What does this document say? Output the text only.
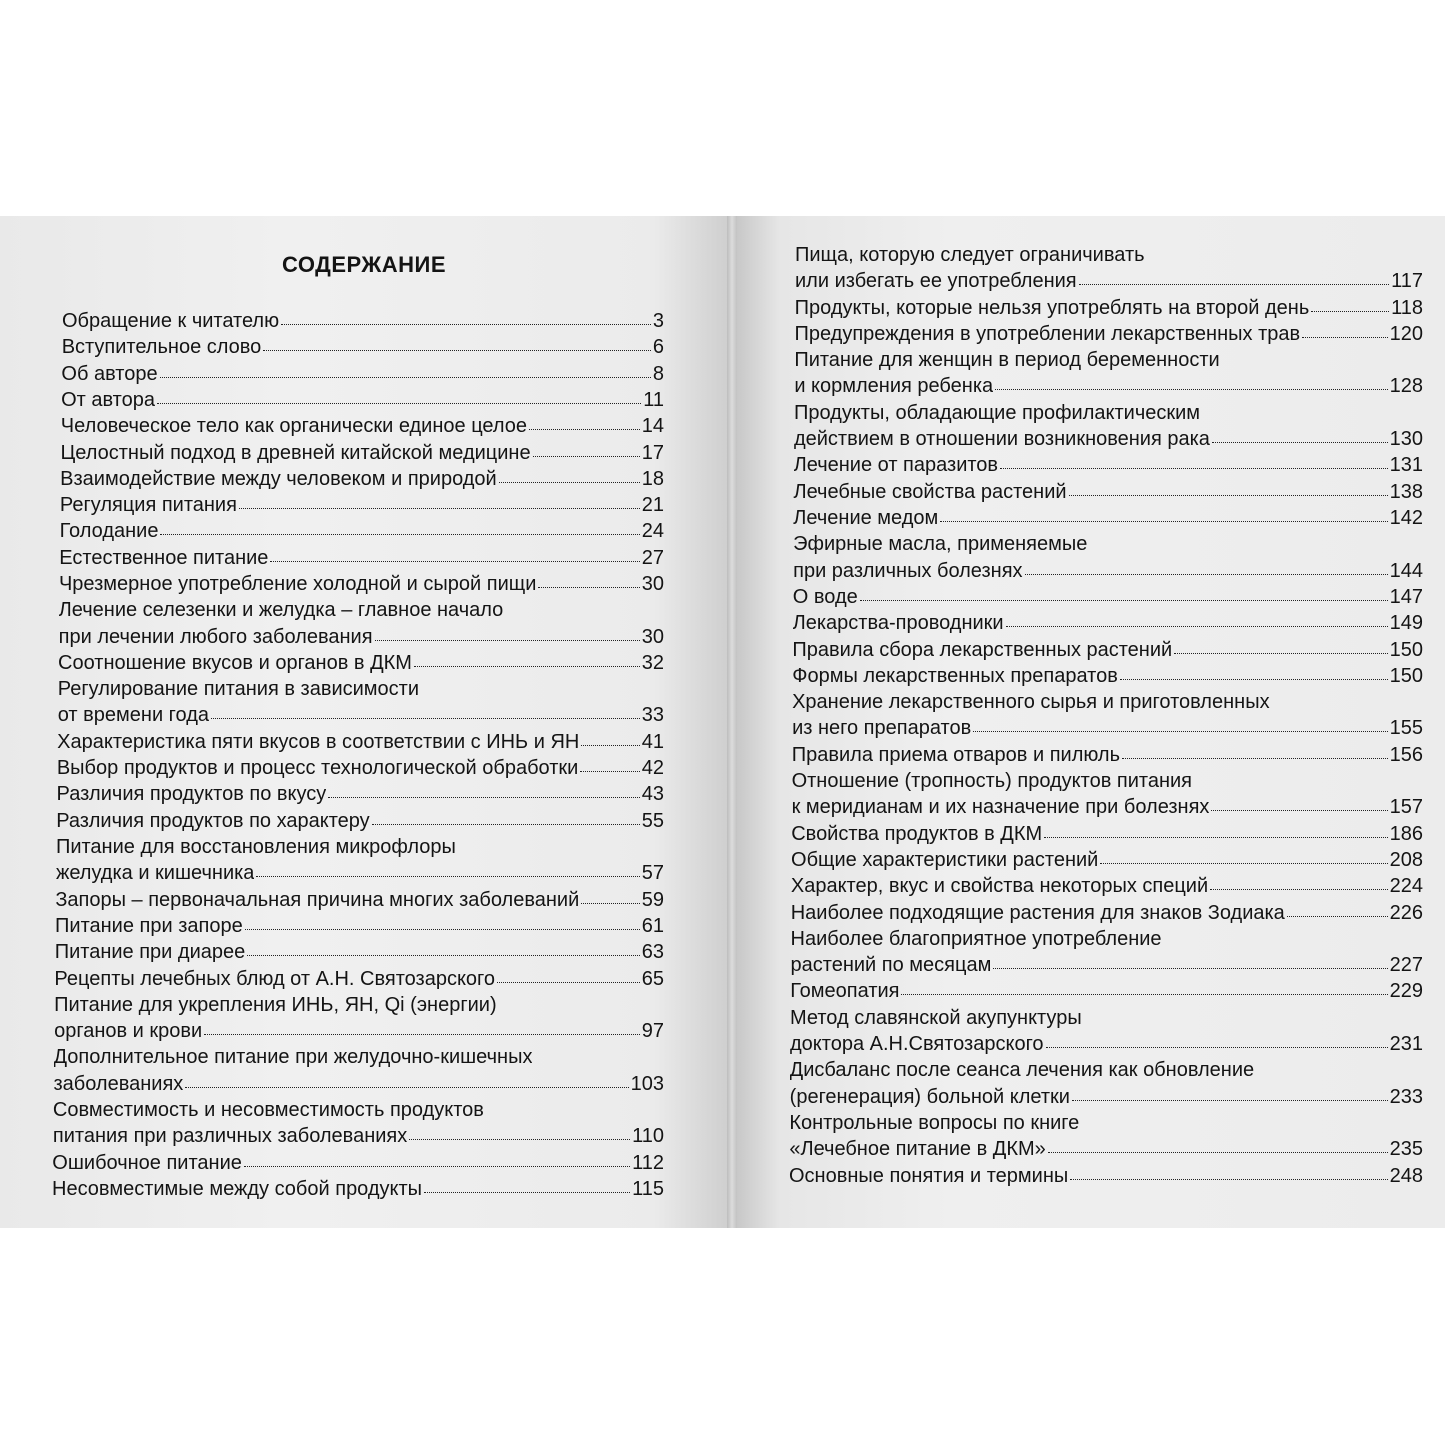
СОДЕРЖАНИЕ
Обращение к читателю	3
Вступительное слово	6
Об авторе	8
От автора	11
Человеческое тело как органически единое целое	14
Целостный подход в древней китайской медицине	17
Взаимодействие между человеком и природой	18
Регуляция питания	21
Голодание	24
Естественное питание	27
Чрезмерное употребление холодной и сырой пищи	30
Лечение селезенки и желудка – главное начало
при лечении любого заболевания	30
Соотношение вкусов и органов в ДКМ	32
Регулирование питания в зависимости
от времени года	33
Характеристика пяти вкусов в соответствии с ИНЬ и ЯН	41
Выбор продуктов и процесс технологической обработки	42
Различия продуктов по вкусу	43
Различия продуктов по характеру	55
Питание для восстановления микрофлоры
желудка и кишечника	57
Запоры – первоначальная причина многих заболеваний	59
Питание при запоре	61
Питание при диарее	63
Рецепты лечебных блюд от А.Н. Святозарского	65
Питание для укрепления ИНЬ, ЯН, Qi (энергии)
органов и крови	97
Дополнительное питание при желудочно-кишечных
заболеваниях	103
Совместимость и несовместимость продуктов
питания при различных заболеваниях	110
Ошибочное питание	112
Несовместимые между собой продукты	115
Пища, которую следует ограничивать
или избегать ее употребления	117
Продукты, которые нельзя употреблять на второй день	118
Предупреждения в употреблении лекарственных трав	120
Питание для женщин в период беременности
и кормления ребенка	128
Продукты, обладающие профилактическим
действием в отношении возникновения рака	130
Лечение от паразитов	131
Лечебные свойства растений	138
Лечение медом	142
Эфирные масла, применяемые
при различных болезнях	144
О воде	147
Лекарства-проводники	149
Правила сбора лекарственных растений	150
Формы лекарственных препаратов	150
Хранение лекарственного сырья и приготовленных
из него препаратов	155
Правила приема отваров и пилюль	156
Отношение (тропность) продуктов питания
к меридианам и их назначение при болезнях	157
Свойства продуктов в ДКМ	186
Общие характеристики растений	208
Характер, вкус и свойства некоторых специй	224
Наиболее подходящие растения для знаков Зодиака	226
Наиболее благоприятное употребление
растений по месяцам	227
Гомеопатия	229
Метод славянской акупунктуры
доктора А.Н.Святозарского	231
Дисбаланс после сеанса лечения как обновление
(регенерация) больной клетки	233
Контрольные вопросы по книге
«Лечебное питание в ДКМ»	235
Основные понятия и термины	248
